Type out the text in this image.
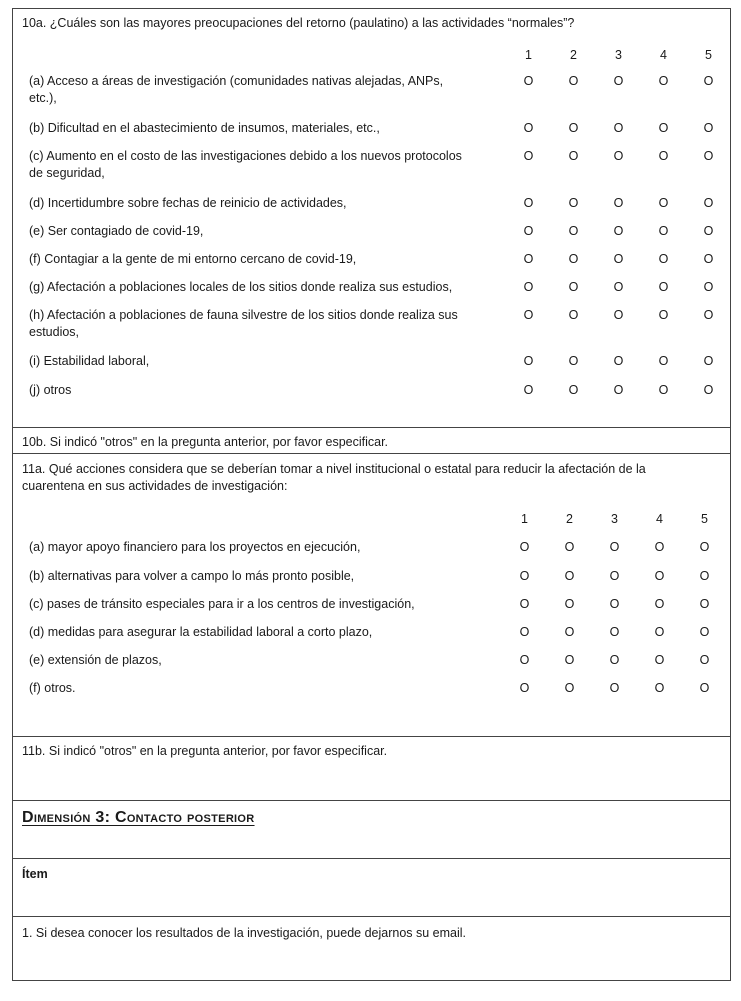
10a. ¿Cuáles son las mayores preocupaciones del retorno (paulatino) a las actividades “normales”?
1	2	3	4	5
(a) Acceso a áreas de investigación (comunidades nativas alejadas, ANPs,
etc.),
O	O	O	O	O
(b) Dificultad en el abastecimiento de insumos, materiales, etc.,	O	O	O	O	O
(c) Aumento en el costo de las investigaciones debido a los nuevos protocolos
de seguridad,
O	O	O	O	O
(d) Incertidumbre sobre fechas de reinicio de actividades,	O	O	O	O	O
(e) Ser contagiado de covid-19,	O	O	O	O	O
(f) Contagiar a la gente de mi entorno cercano de covid-19,	O	O	O	O	O
(g) Afectación a poblaciones locales de los sitios donde realiza sus estudios,	O	O	O	O	O
(h) Afectación a poblaciones de fauna silvestre de los sitios donde realiza sus
estudios,
O	O	O	O	O
(i) Estabilidad laboral,	O	O	O	O	O
(j) otros	O	O	O	O	O
10b. Si indicó "otros" en la pregunta anterior, por favor especificar.
11a. Qué acciones considera que se deberían tomar a nivel institucional o estatal para reducir la afectación de la
cuarentena en sus actividades de investigación:
1	2	3	4	5
(a) mayor apoyo financiero para los proyectos en ejecución,	O	O	O	O	O
(b) alternativas para volver a campo lo más pronto posible,	O	O	O	O	O
(c) pases de tránsito especiales para ir a los centros de investigación,	O	O	O	O	O
(d) medidas para asegurar la estabilidad laboral a corto plazo,	O	O	O	O	O
(e) extensión de plazos,	O	O	O	O	O
(f) otros.	O	O	O	O	O
11b. Si indicó "otros" en la pregunta anterior, por favor especificar.
Dimensión 3: Contacto posterior
Ítem
1. Si desea conocer los resultados de la investigación, puede dejarnos su email.
